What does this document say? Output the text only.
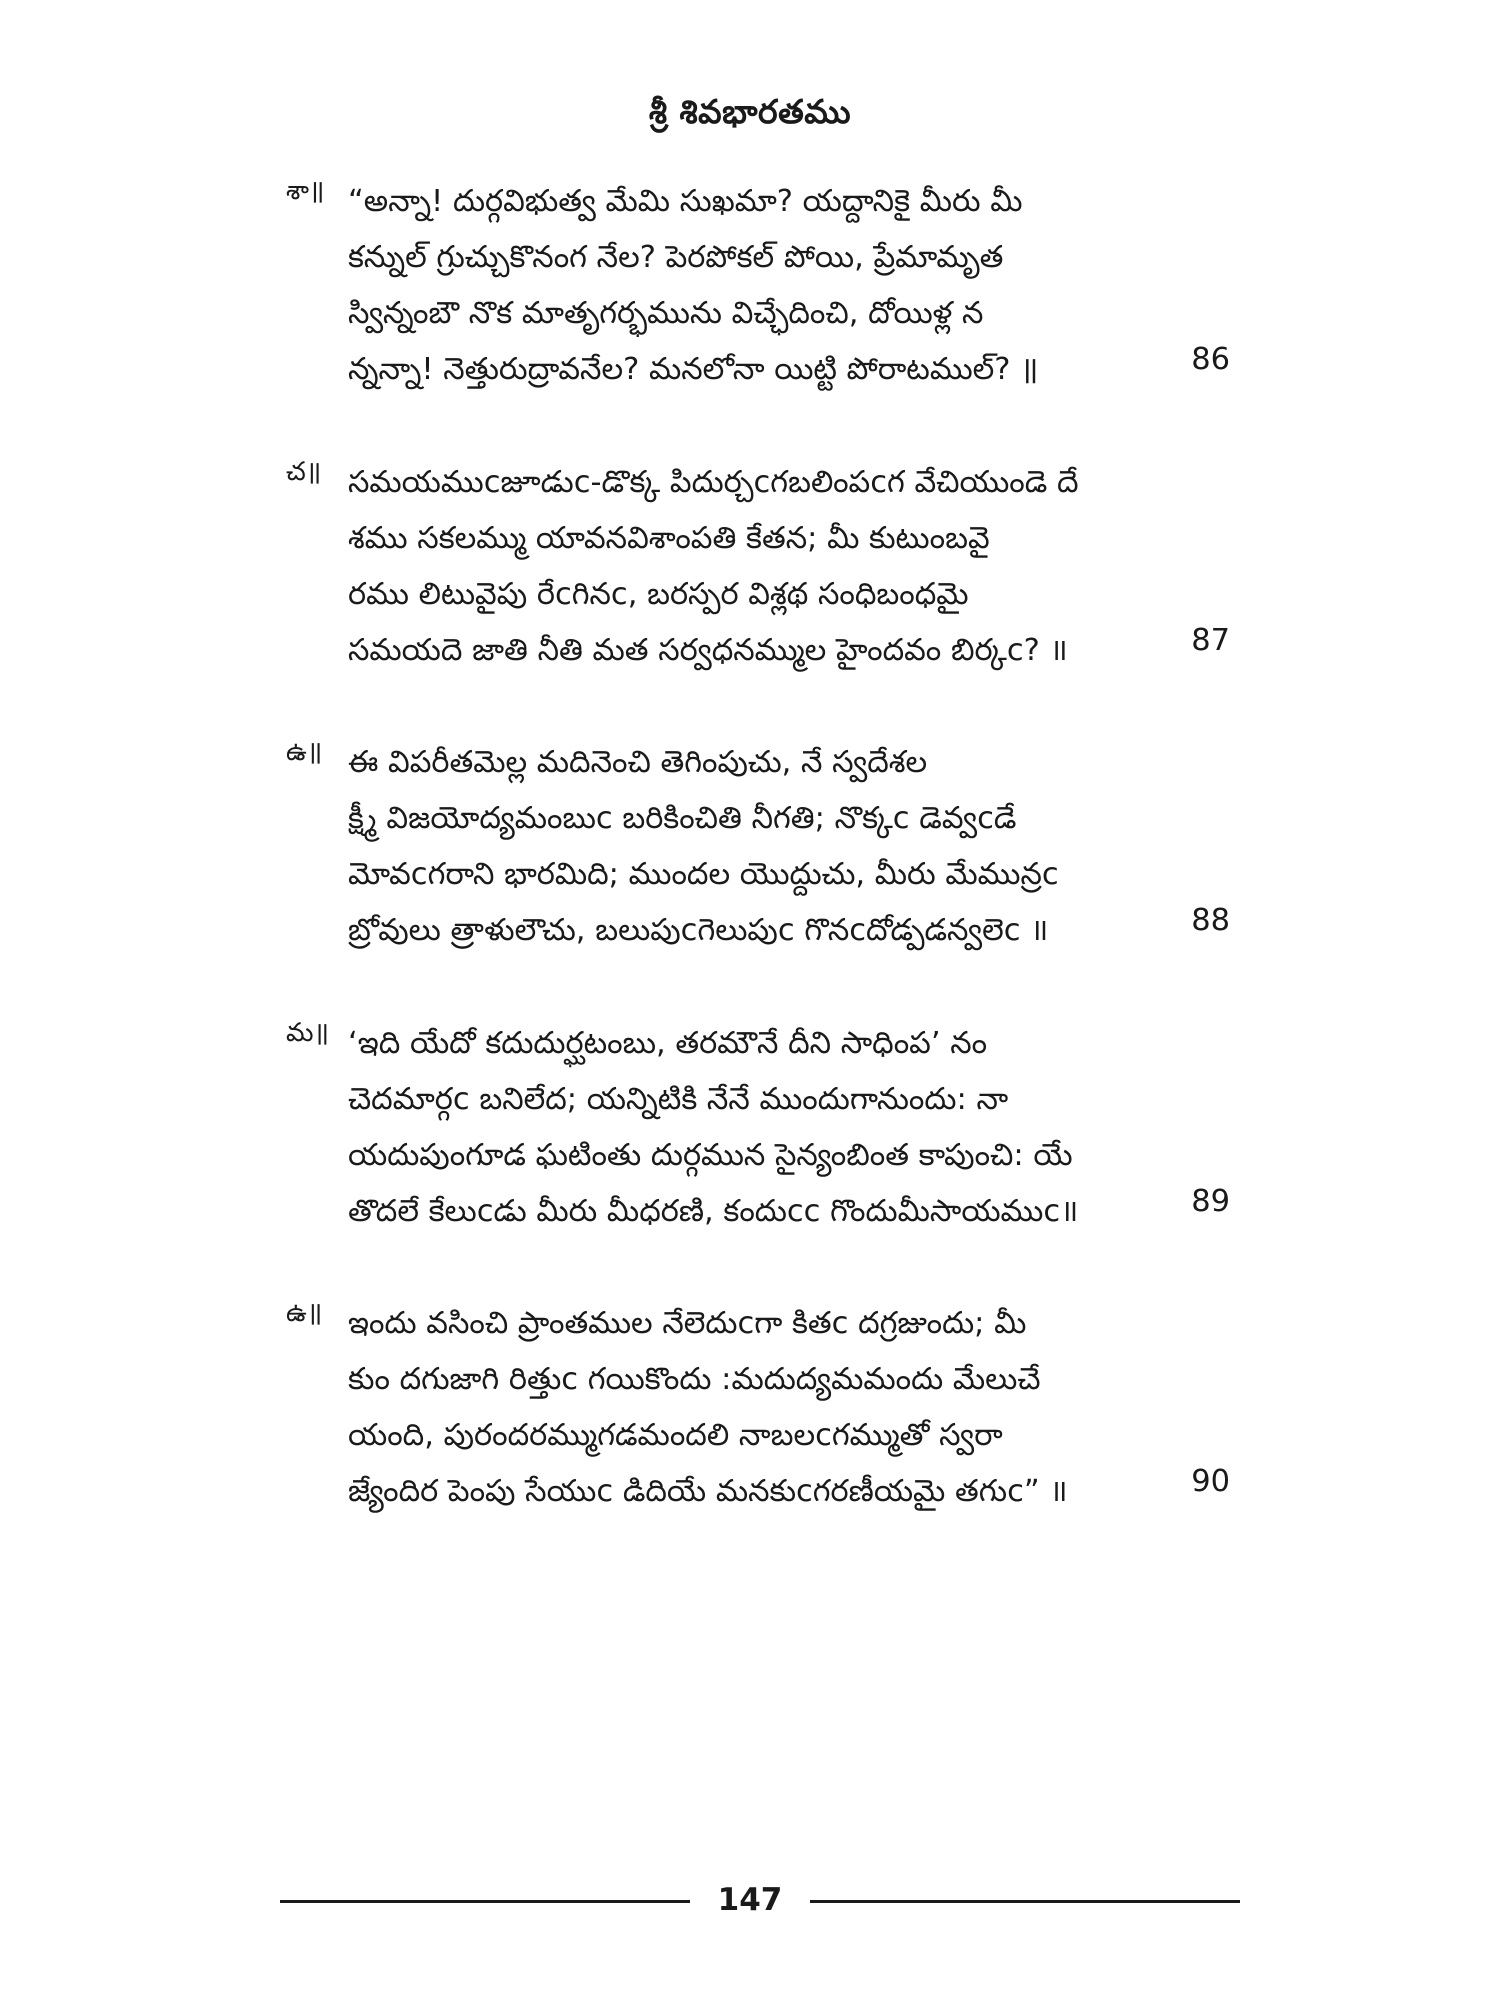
శ్రీ శివభారతము
శా॥ “అన్నా! దుర్గవిభుత్వ మేమి సుఖమా? యద్దానికై మీరు మీ
కన్నుల్ గ్రుచ్చుకొనంగ నేల? పెరపోకల్ పోయి, ప్రేమామృత
స్విన్నంబౌ నొక మాతృగర్భమును విచ్ఛేదించి, దోయిళ్ల న
న్నన్నా! నెత్తురుద్రావనేల? మనలోనా యిట్టి పోరాటముల్? ॥	86
చ॥ సమయముcజూడుc-డొక్క పిదుర్చcగబలింపcగ వేచియుండె దే
శము సకలమ్ము యావనవిశాంపతి కేతన; మీ కుటుంబవై
రము లిటువైపు రేcగినc, బరస్పర విశ్లథ సంధిబంధమై
సమయదె జాతి నీతి మత సర్వధనమ్ముల హైందవం బిర్కc? ॥	87
ఉ॥ ఈ విపరీతమెల్ల మదినెంచి తెగింపుచు, నే స్వదేశల
క్ష్మీ విజయోద్యమంబుc బరికించితి నీగతి; నొక్కc డెవ్వcడే
మోవcగరాని భారమిది; ముందల యొద్దుచు, మీరు మేమున్రc
బ్రోవులు త్రాళులౌచు, బలుపుcగెలుపుc గొనcదోడ్పడన్వలెc ॥	88
మ॥ ‘ఇది యేదో కదుదుర్ఘటంబు, తరమౌనే దీని సాధింప’ నం
చెదమార్గc బనిలేద; యన్నిటికి నేనే ముందుగానుందు: నా
యదుపుంగూడ ఘటింతు దుర్గమున సైన్యంబింత కాపుంచి: యే
తొదలే కేలుcడు మీరు మీధరణి, కందుcc గొందుమీసాయముc॥	89
ఉ॥ ఇందు వసించి ప్రాంతముల నేలెదుcగా కితc దగ్రజుందు; మీ
కుం దగుజాగి రిత్తుc గయికొందు :మదుద్యమమందు మేలుచే
యంది, పురందరమ్ముగడమందలి నాబలcగమ్ముతో స్వరా
జ్యేందిర పెంపు సేయుc డిదియే మనకుcగరణీయమై తగుc” ॥	90
147
